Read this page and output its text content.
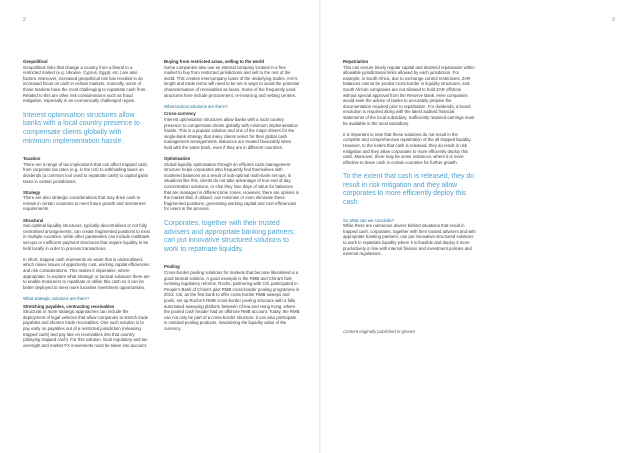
2	3
Geopolitical

Geopolitical risks that change a country from a liberal to a restricted market (e.g. Ukraine, Cyprus, Egypt, etc.) are also factors. Moreover, increased geopolitical risk has resulted in an increased focus on cash in certain markets. Ironically, some of those markets have the most challenging to repatriate cash from. Related to this are other risk considerations such as fraud mitigation, especially in an economically challenged region.

Interest optimisation structures allow banks with a local country presence to compensate clients globally with minimum implementation hassle.
Taxation

There are a range of tax implications that can affect trapped cash, from corporate tax rates (e.g. in the US) to withholding taxes on dividends (a common tool used to repatriate cash) to capital gains taxes in certain jurisdictions.

Strategy

There are also strategic considerations that may drive cash to remain in certain countries to meet future growth and investment requirements.

Structural

Sub-optimal liquidity structures, typically decentralised or not fully centralised arrangements, can create fragmented positions to exist in multiple countries, while other parameters can include multibank set-ups or inefficient payment structures that require liquidity to be held locally in order to process transactions.

In short, trapped cash represents an asset that is underutilised, which raises issues of opportunity cost, working capital efficiencies and risk considerations. This makes it imperative, where appropriate, to explore what strategic or tactical solutions there are to enable treasurers to repatriate or utilise this cash so it can be better deployed to meet more lucrative investment opportunities.

What strategic solutions are there?
Stretching payables, contracting receivables

Structural or more strategic approaches can include the deployment of legal vehicles that allow companies to stretch trade payables and shorten trade receivables. One such solution is to pay early on payables out of a restricted jurisdiction (releasing trapped cash) and pay late on receivables into that country (delaying trapped cash). For this solution, local regulatory and tax oversight and market FX movements must be taken into account.

Buying from restricted areas, selling to the world

Some companies also use an internal company located in a free market to buy from restricted jurisdictions and sell to the rest of the world. This creates intercompany loans of the underlying trades. Arm's length and trade terms will need to be set in ways to avoid the potential characterisation of receivables as loans. Some of the frequently used structures here include procurement, re-invoicing and netting centres.

What tactical solutions are there?
Cross-currency

Interest optimisation structures allow banks with a local country presence to compensate clients globally with minimum implementation hassle. This is a popular solution and one of the major drivers for the single-bank strategy that many clients select for their global cash management arrangements. Balances are treated favourably when held with the same bank, even if they are in different countries.

Optimisation

Global liquidity optimisation through an efficient cash management structure helps corporates who frequently find themselves with scattered balances as a result of sub-optimal multi-bank set-ups, in situations like this, clients do not take advantage of true end of day concentration solutions, or else they lose days of value for balances that are managed in different time zones. However, there are options in the market that, if utilised, can minimise or even eliminate these fragmented positions, generating working capital and cost-efficiencies for users in the process.

Corporates, together with their trusted advisers and appropriate banking partners, can put innovative structured solutions to work to repatriate liquidity.
Pooling

Cross-border pooling solutions for markets that become liberalised is a good tactical solution. A good example is the RMB and China's fast-evolving regulatory reforms. Roche, partnering with Citi, participated in People's Bank of China's pilot RMB cross-border pooling programme in 2013. Citi, as the first bank to offer cross-border RMB sweeps and pools, set up Roche's RMB cross-border pooling structure with a fully automated sweeping platform between China and Hong Kong, where the pooled cash header had an offshore RMB account. Today, the RMB can not only be part of a cross-border structure: it can also participate in notional pooling products, maximising the liquidity value of the currency.

Repatriation

This can ensure timely regular capital and dividend repatriation within allowable jurisdictional limits allowed by each jurisdiction. For example, in South Africa, due to exchange control restrictions, ZAR balances cannot be pooled cross-border in liquidity structures, and South African companies are not allowed to hold ZAR offshore without special approval from the Reserve Bank. Here companies would seek the advice of banks to accurately prepare the documentation required prior to repatriation. For dividends, a board resolution is required along with the latest audited financial statements of the local subsidiary. Sufficiently retained earnings must be available in the local subsidiary.

It is important to note that these solutions do not result in the complete and comprehensive repatriation of the all trapped liquidity. However, to the extent that cash is released, they do result in risk mitigation and they allow corporates to more efficiently deploy this cash. Moreover, there may be some instances, where it is more effective to leave cash in certain countries for further growth.

To the extent that cash is released, they do result in risk mitigation and they allow corporates to more efficiently deploy this cash.
So what can we conclude?

While there are numerous drivers behind situations that result in trapped cash, corporates, together with their trusted advisers and with appropriate banking partners, can put innovative structured solutions to work to repatriate liquidity where it is feasible and deploy it more productively in line with internal finance and investment policies and external regulations.

Content originally published in gtnews
